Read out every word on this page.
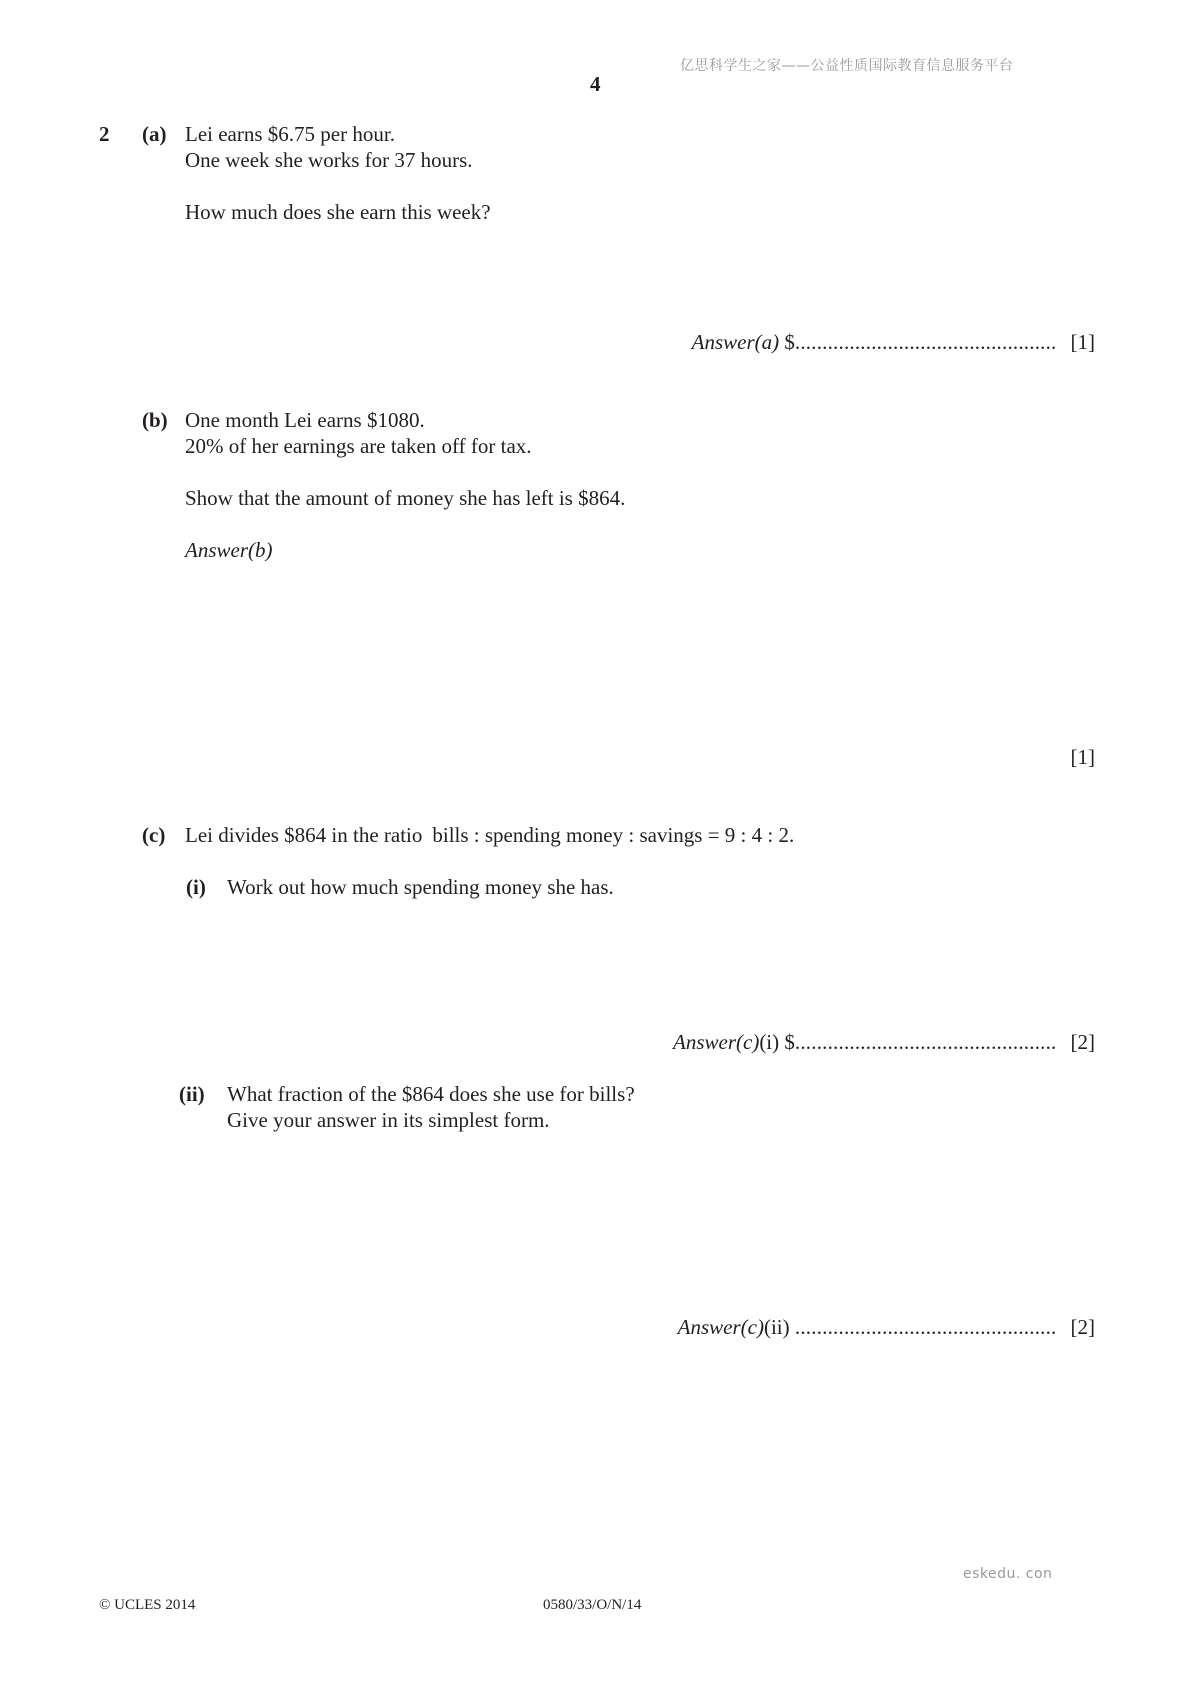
亿思科学生之家——公益性质国际教育信息服务平台
4
2 (a) Lei earns $6.75 per hour.
One week she works for 37 hours.
How much does she earn this week?
Answer(a) $................................................ [1]
(b) One month Lei earns $1080.
20% of her earnings are taken off for tax.
Show that the amount of money she has left is $864.
Answer(b)
[1]
(c) Lei divides $864 in the ratio bills : spending money : savings = 9 : 4 : 2.
(i) Work out how much spending money she has.
Answer(c)(i) $................................................ [2]
(ii) What fraction of the $864 does she use for bills?
Give your answer in its simplest form.
Answer(c)(ii) ................................................ [2]
eskedu. con
© UCLES 2014	0580/33/O/N/14
